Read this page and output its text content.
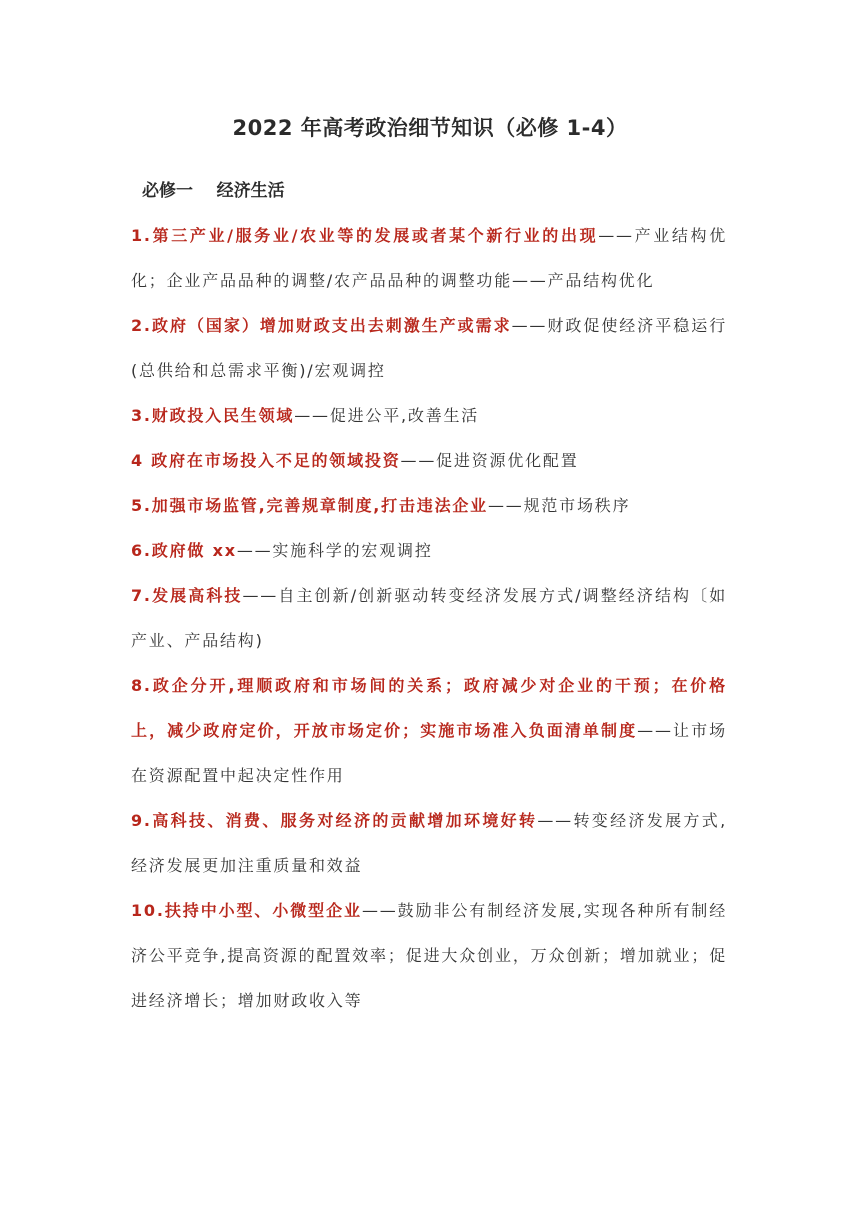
2022 年高考政治细节知识（必修 1-4）
必修一    经济生活

1.第三产业/服务业/农业等的发展或者某个新行业的出现——产业结构优化；企业产品品种的调整/农产品品种的调整功能——产品结构优化

2.政府（国家）增加财政支出去刺激生产或需求——财政促使经济平稳运行(总供给和总需求平衡)/宏观调控

3.财政投入民生领域——促进公平,改善生活

4 政府在市场投入不足的领域投资——促进资源优化配置

5.加强市场监管,完善规章制度,打击违法企业——规范市场秩序

6.政府做 xx——实施科学的宏观调控

7.发展高科技——自主创新/创新驱动转变经济发展方式/调整经济结构〔如产业、产品结构)

8.政企分开,理顺政府和市场间的关系；政府减少对企业的干预；在价格上，减少政府定价，开放市场定价；实施市场准入负面清单制度——让市场在资源配置中起决定性作用

9.高科技、消费、服务对经济的贡献增加环境好转——转变经济发展方式,经济发展更加注重质量和效益

10.扶持中小型、小微型企业——鼓励非公有制经济发展,实现各种所有制经济公平竞争,提高资源的配置效率；促进大众创业，万众创新；增加就业；促进经济增长；增加财政收入等
